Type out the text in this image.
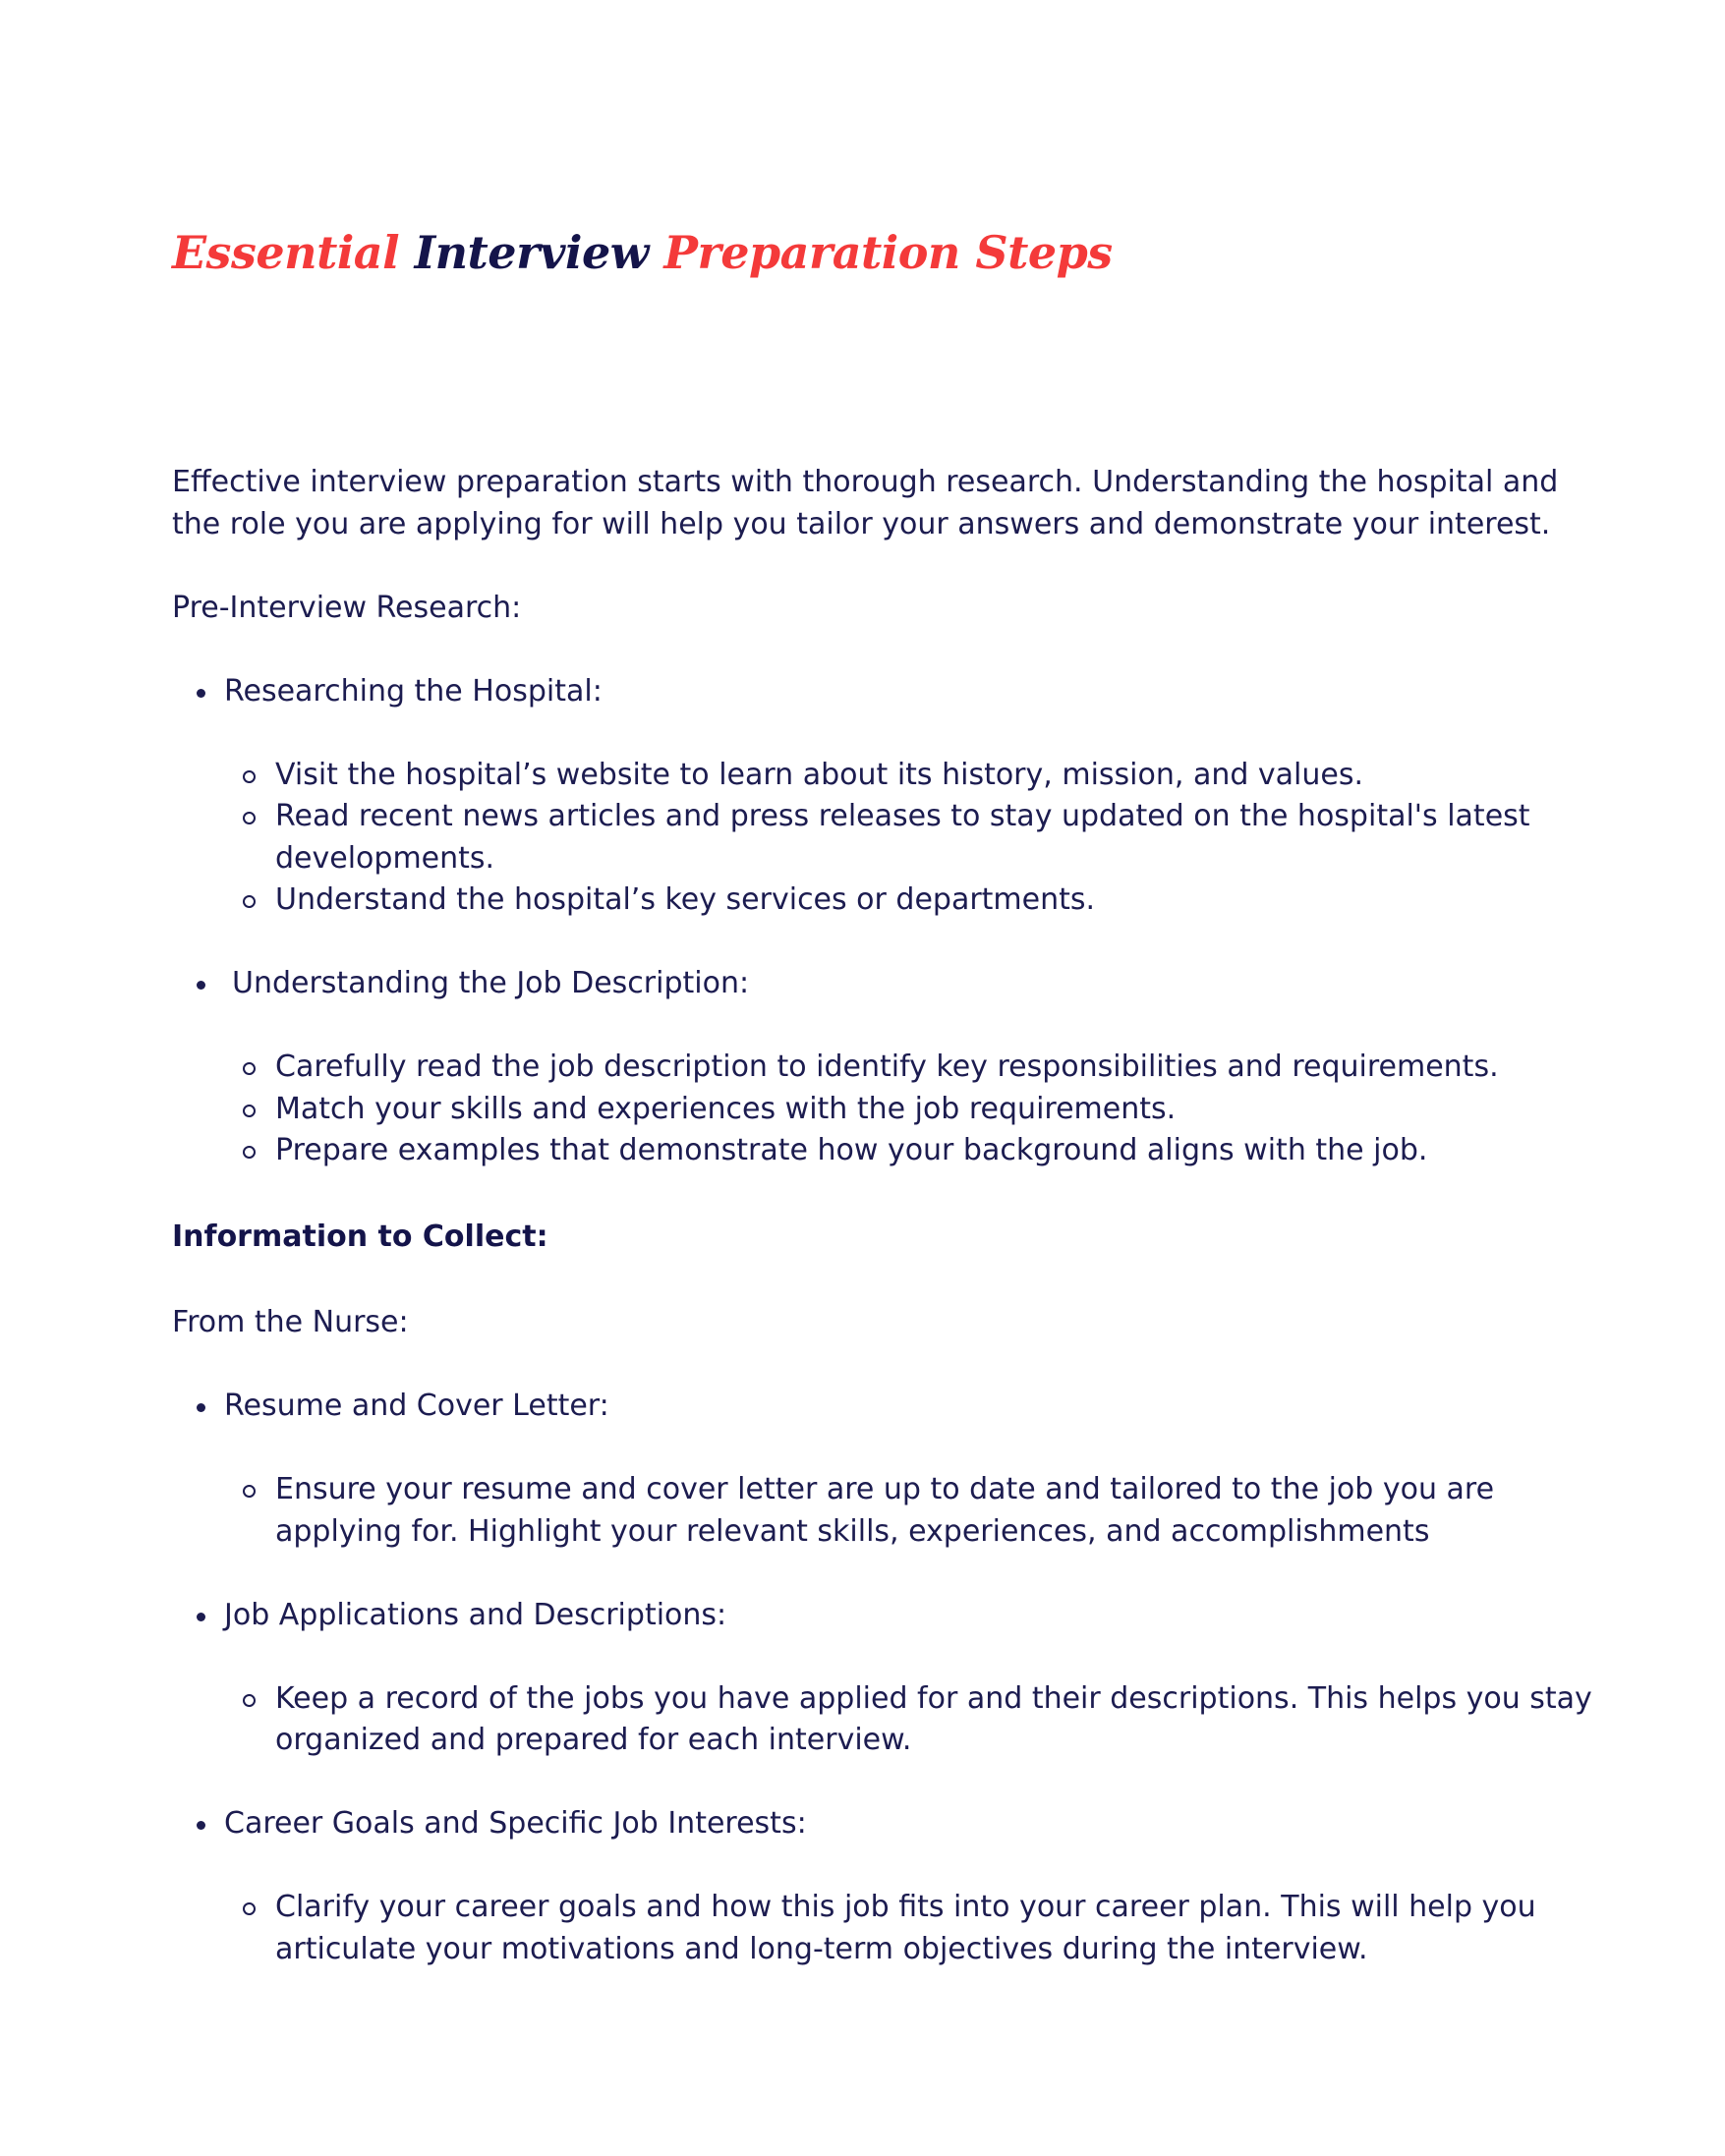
Essential Interview Preparation Steps

Effective interview preparation starts with thorough research. Understanding the hospital and the role you are applying for will help you tailor your answers and demonstrate your interest.

Pre-Interview Research:

Researching the Hospital:
Visit the hospital’s website to learn about its history, mission, and values.
Read recent news articles and press releases to stay updated on the hospital's latest developments.
Understand the hospital’s key services or departments.
Understanding the Job Description:
Carefully read the job description to identify key responsibilities and requirements.
Match your skills and experiences with the job requirements.
Prepare examples that demonstrate how your background aligns with the job.

Information to Collect:

From the Nurse:

Resume and Cover Letter:
Ensure your resume and cover letter are up to date and tailored to the job you are applying for. Highlight your relevant skills, experiences, and accomplishments
Job Applications and Descriptions:
Keep a record of the jobs you have applied for and their descriptions. This helps you stay organized and prepared for each interview.
Career Goals and Specific Job Interests:
Clarify your career goals and how this job fits into your career plan. This will help you articulate your motivations and long-term objectives during the interview.
